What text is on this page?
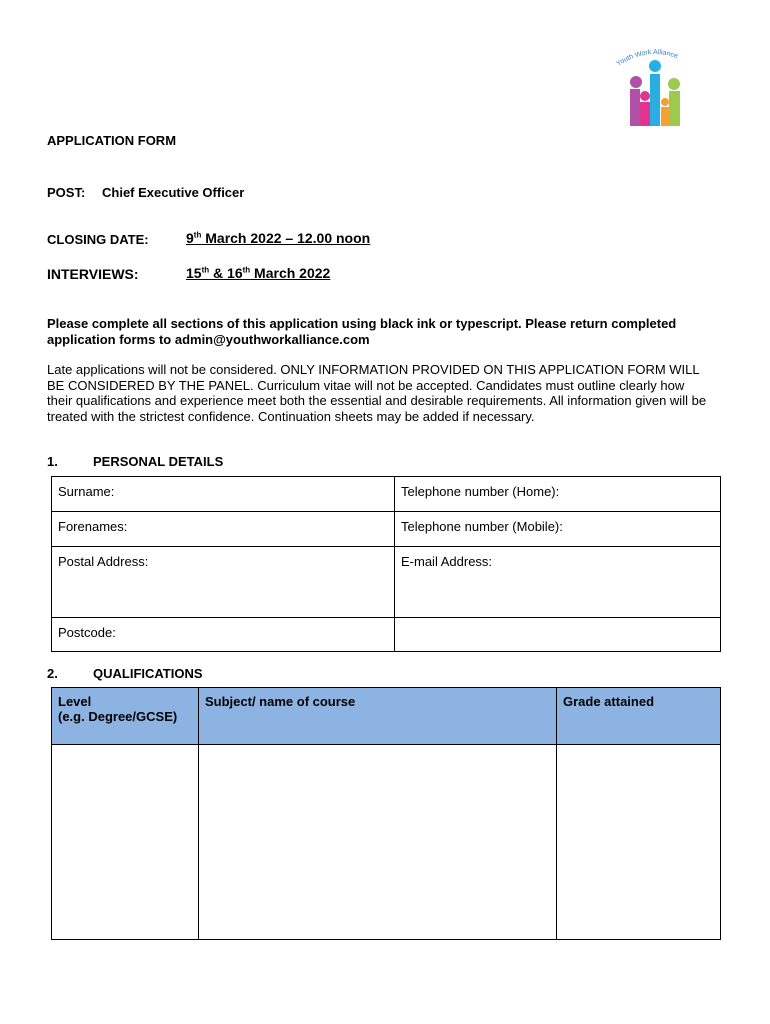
Youth Work Alliance
APPLICATION FORM
POST: Chief Executive Officer
CLOSING DATE:	9th March 2022 – 12.00 noon
INTERVIEWS:	15th & 16th March 2022
Please complete all sections of this application using black ink or typescript. Please return completed application forms to admin@youthworkalliance.com
Late applications will not be considered. ONLY INFORMATION PROVIDED ON THIS APPLICATION FORM WILL BE CONSIDERED BY THE PANEL. Curriculum vitae will not be accepted. Candidates must outline clearly how their qualifications and experience meet both the essential and desirable requirements. All information given will be treated with the strictest confidence. Continuation sheets may be added if necessary.
1.	PERSONAL DETAILS
Surname:	Telephone number (Home):
Forenames:	Telephone number (Mobile):
Postal Address:	E-mail Address:
Postcode:	
2.	QUALIFICATIONS
Level
(e.g. Degree/GCSE)	Subject/ name of course	Grade attained
